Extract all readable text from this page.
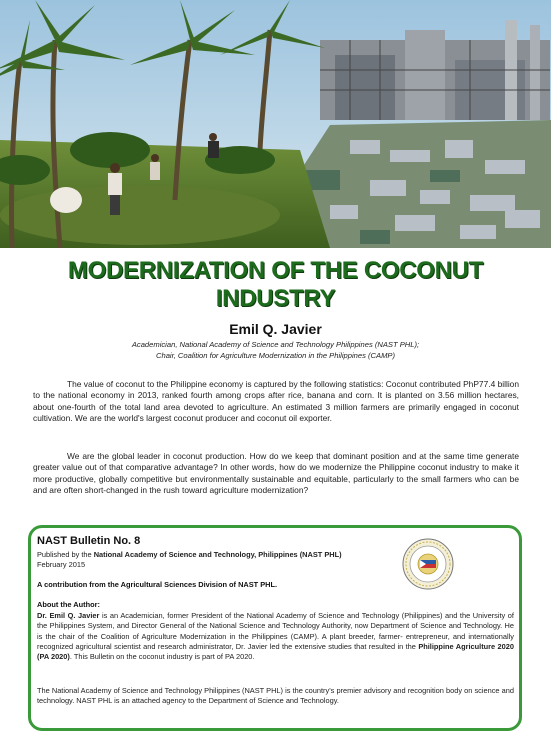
MODERNIZATION OF THE COCONUT
INDUSTRY
Emil Q. Javier
Academician, National Academy of Science and Technology Philippines (NAST PHL);
Chair, Coalition for Agriculture Modernization in the Philippines (CAMP)
The value of coconut to the Philippine economy is captured by the following statistics: Coconut contributed PhP77.4 billion to the national economy in 2013, ranked fourth among crops after rice, banana and corn. It is planted on 3.56 million hectares, about one-fourth of the total land area devoted to agriculture. An estimated 3 million farmers are primarily engaged in coconut cultivation. We are the world's largest coconut producer and coconut oil exporter.
We are the global leader in coconut production. How do we keep that dominant position and at the same time generate greater value out of that comparative advantage? In other words, how do we modernize the Philippine coconut industry to make it more productive, globally competitive but environmentally sustainable and equitable, particularly to the small farmers who can be and are often short-changed in the rush toward agriculture modernization?
NAST Bulletin No. 8
Published by the National Academy of Science and Technology, Philippines (NAST PHL)
February 2015
A contribution from the Agricultural Sciences Division of NAST PHL.
About the Author:
Dr. Emil Q. Javier is an Academician, former President of the National Academy of Science and Technology (Philippines) and the University of the Philippines System, and Director General of the National Science and Technology Authority, now Department of Science and Technology. He is the chair of the Coalition of Agriculture Modernization in the Philippines (CAMP). A plant breeder, farmer- entrepreneur, and internationally recognized agricultural scientist and research administrator, Dr. Javier led the extensive studies that resulted in the Philippine Agriculture 2020 (PA 2020). This Bulletin on the coconut industry is part of PA 2020.
The National Academy of Science and Technology Philippines (NAST PHL) is the country's premier advisory and recognition body on science and technology. NAST PHL is an attached agency to the Department of Science and Technology.
